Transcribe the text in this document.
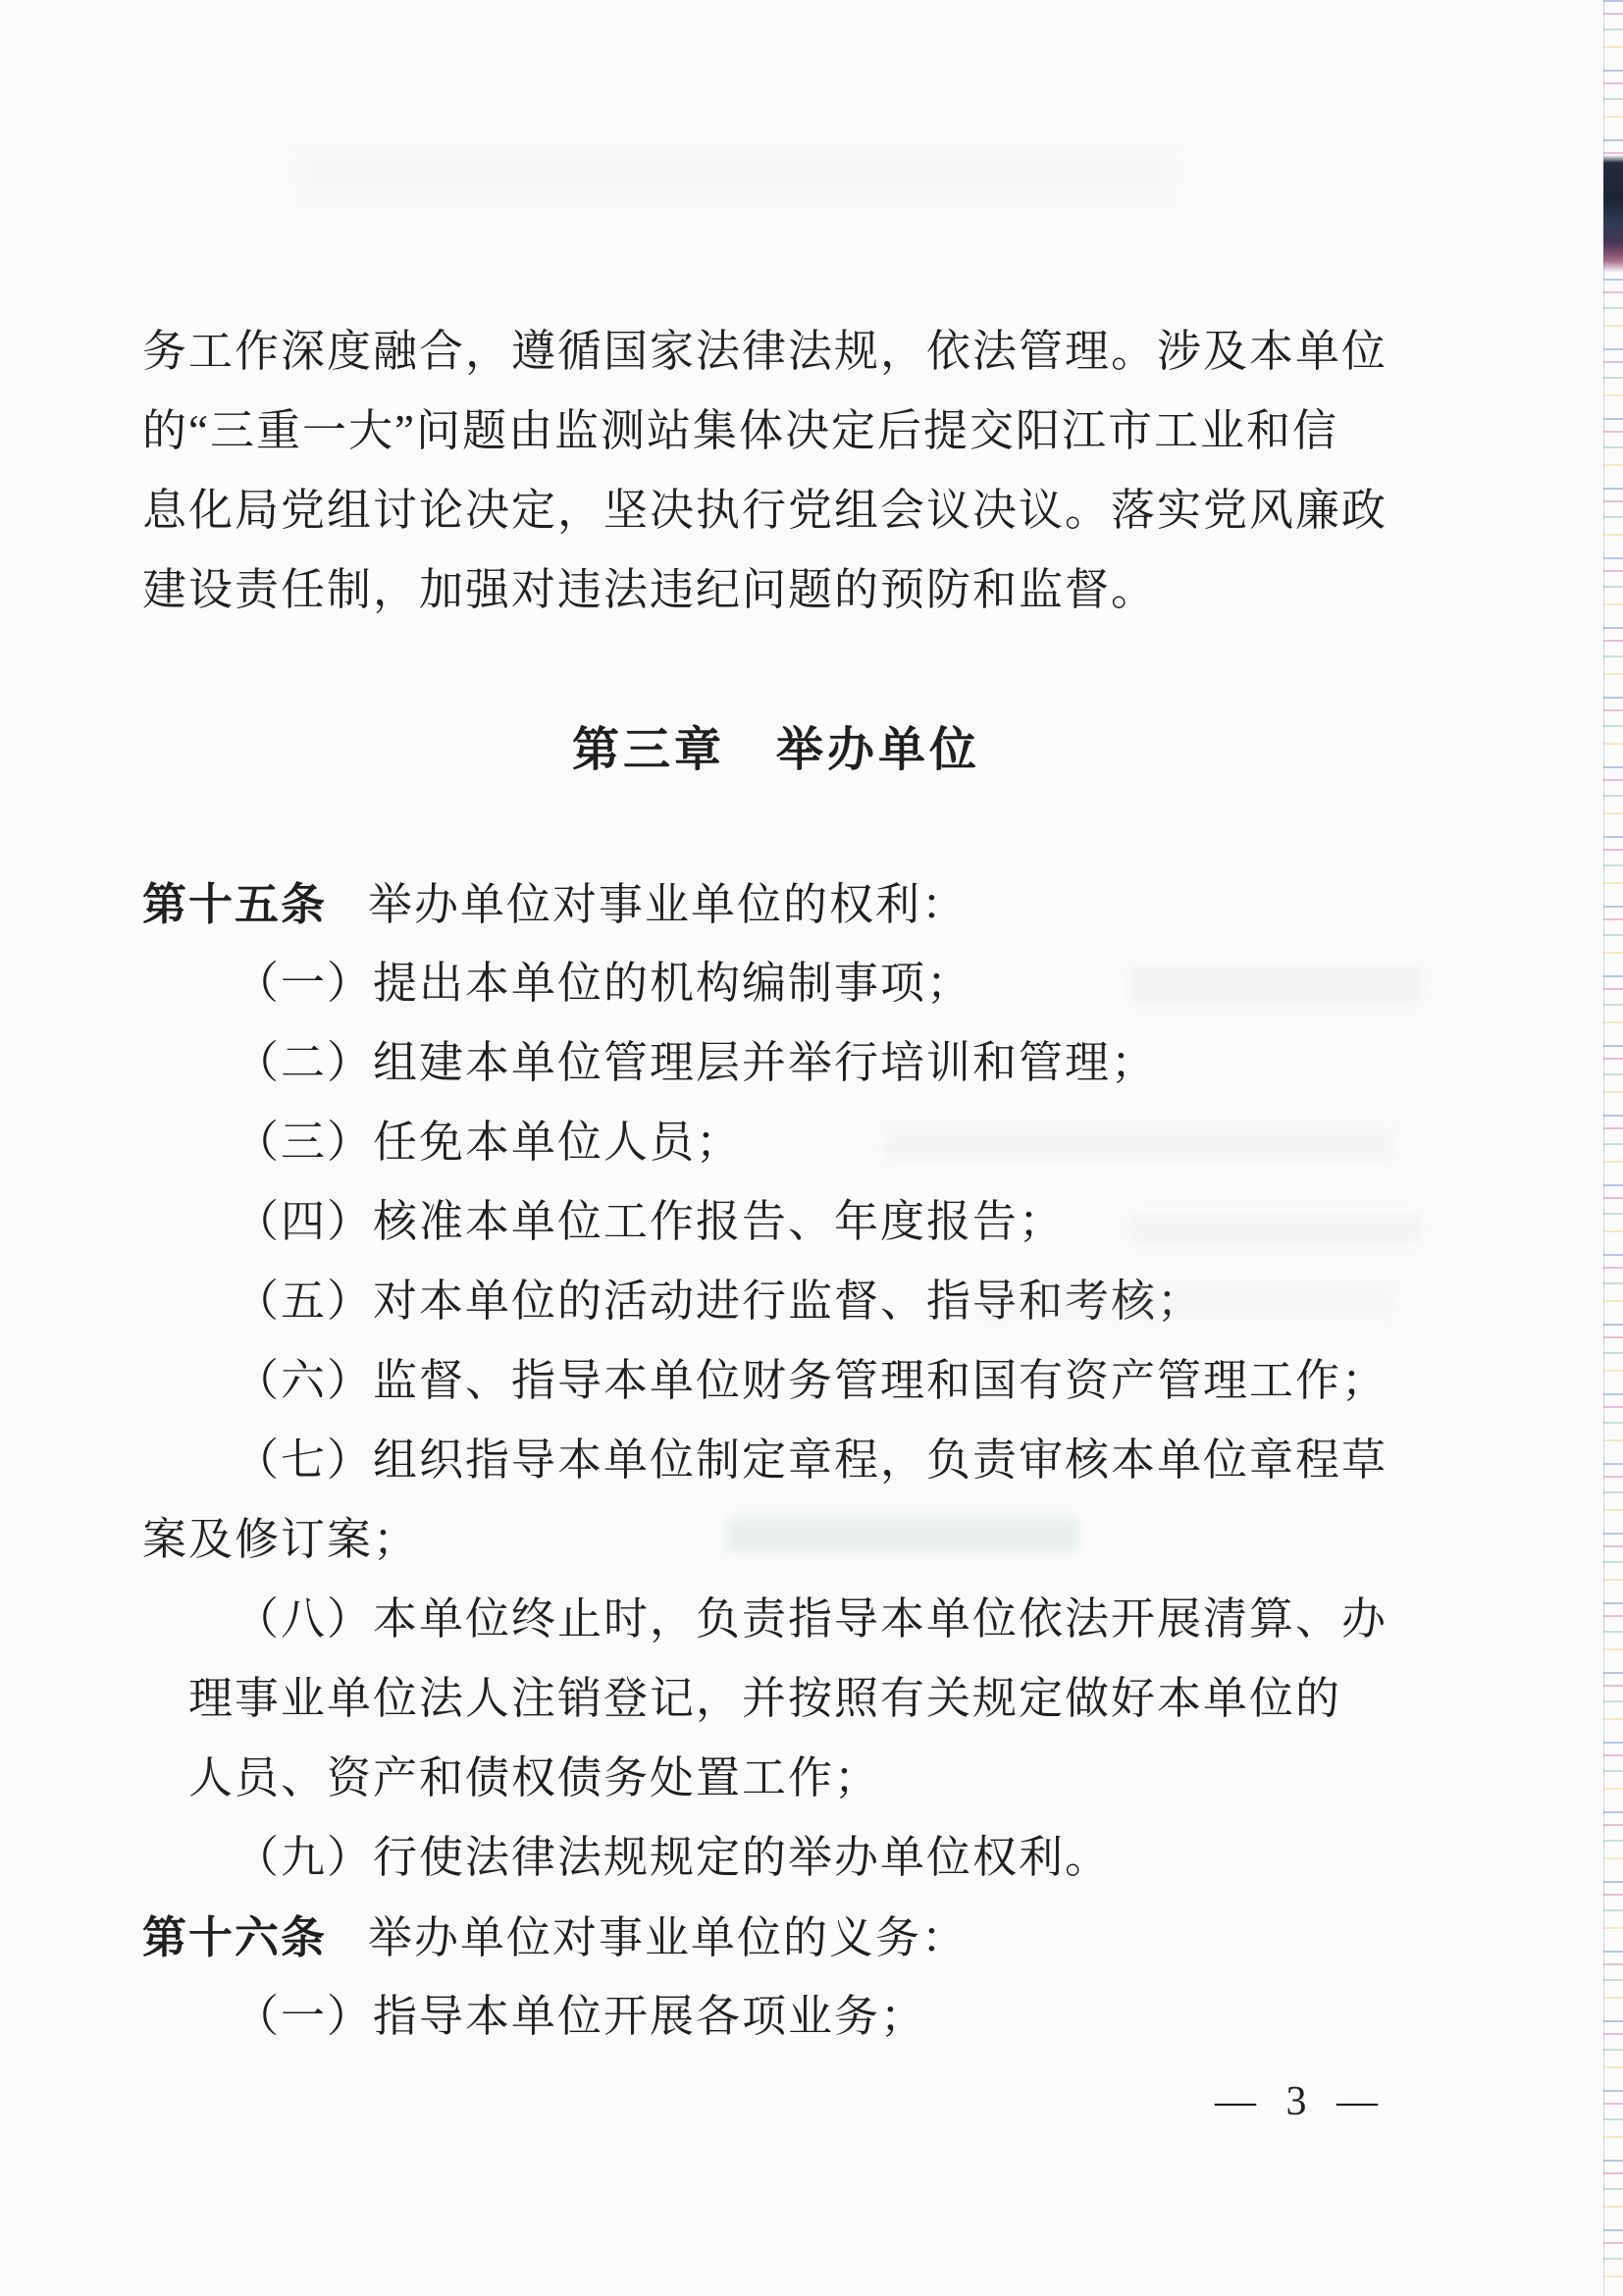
务工作深度融合，遵循国家法律法规，依法管理。涉及本单位
的“三重一大”问题由监测站集体决定后提交阳江市工业和信
息化局党组讨论决定，坚决执行党组会议决议。落实党风廉政
建设责任制，加强对违法违纪问题的预防和监督。
第三章　举办单位
第十五条 举办单位对事业单位的权利：
（一）提出本单位的机构编制事项；
（二）组建本单位管理层并举行培训和管理；
（三）任免本单位人员；
（四）核准本单位工作报告、年度报告；
（五）对本单位的活动进行监督、指导和考核；
（六）监督、指导本单位财务管理和国有资产管理工作；
（七）组织指导本单位制定章程，负责审核本单位章程草
案及修订案；
（八）本单位终止时，负责指导本单位依法开展清算、办
理事业单位法人注销登记，并按照有关规定做好本单位的
人员、资产和债权债务处置工作；
（九）行使法律法规规定的举办单位权利。
第十六条 举办单位对事业单位的义务：
（一）指导本单位开展各项业务；
— 3 —
